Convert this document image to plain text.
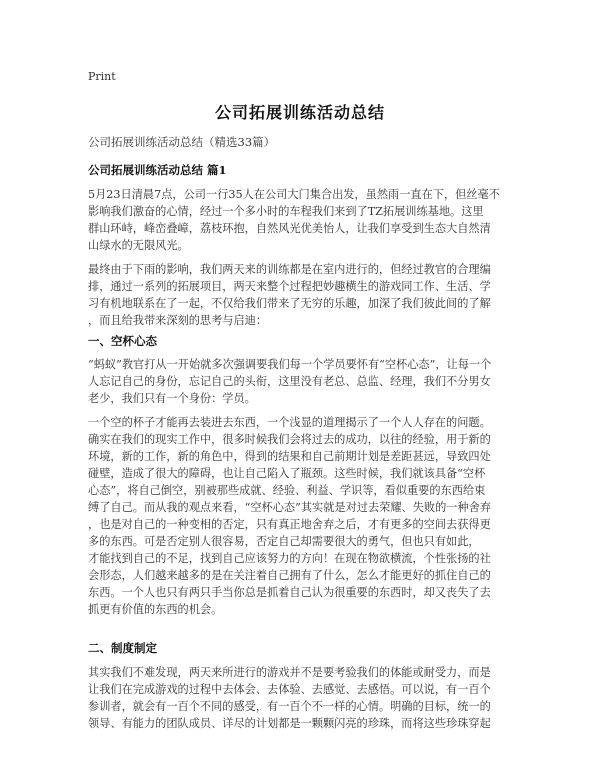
Print
公司拓展训练活动总结
公司拓展训练活动总结（精选33篇）
公司拓展训练活动总结 篇1
5月23日清晨7点，公司一行35人在公司大门集合出发，虽然雨一直在下，但丝毫不
影响我们激奋的心情，经过一个多小时的车程我们来到了TZ拓展训练基地。这里
群山环峙，峰峦叠嶂，荔枝环抱，自然风光优美怡人，让我们享受到生态大自然清
山绿水的无限风光。
最终由于下雨的影响，我们两天来的训练都是在室内进行的，但经过教官的合理编
排，通过一系列的拓展项目，两天来整个过程把妙趣横生的游戏同工作、生活、学
习有机地联系在了一起，不仅给我们带来了无穷的乐趣，加深了我们彼此间的了解
，而且给我带来深刻的思考与启迪：
一、空杯心态
“蚂蚁”教官打从一开始就多次强调要我们每一个学员要怀有“空杯心态”，让每一个
人忘记自己的身份，忘记自己的头衔，这里没有老总、总监、经理，我们不分男女
老少，我们只有一个身份：学员。
一个空的杯子才能再去装进去东西，一个浅显的道理揭示了一个人人存在的问题。
确实在我们的现实工作中，很多时候我们会将过去的成功，以往的经验，用于新的
环境，新的工作，新的角色中，得到的结果和自己前期计划是差距甚远，导致四处
碰壁，造成了很大的障碍，也让自己陷入了瓶颈。这些时候，我们就该具备“空杯
心态”，将自己倒空，别被那些成就、经验、利益、学识等，看似重要的东西给束
缚了自己。而从我的观点来看，“空杯心态”其实就是对过去荣耀、失败的一种舍弃
，也是对自己的一种变相的否定，只有真正地舍弃之后，才有更多的空间去获得更
多的东西。可是否定别人很容易，否定自己却需要很大的勇气，但也只有如此，
才能找到自己的不足，找到自己应该努力的方向！在现在物欲横流，个性张扬的社
会形态，人们越来越多的是在关注着自己拥有了什么，怎么才能更好的抓住自己的
东西。一个人也只有两只手当你总是抓着自己认为很重要的东西时，却又丧失了去
抓更有价值的东西的机会。
二、制度制定
其实我们不难发现，两天来所进行的游戏并不是要考验我们的体能或耐受力，而是
让我们在完成游戏的过程中去体会、去体验、去感觉、去感悟。可以说，有一百个
参训者，就会有一百个不同的感受，有一百个不一样的心情。明确的目标，统一的
领导、有能力的团队成员、详尽的计划都是一颗颗闪亮的珍珠，而将这些珍珠穿起
